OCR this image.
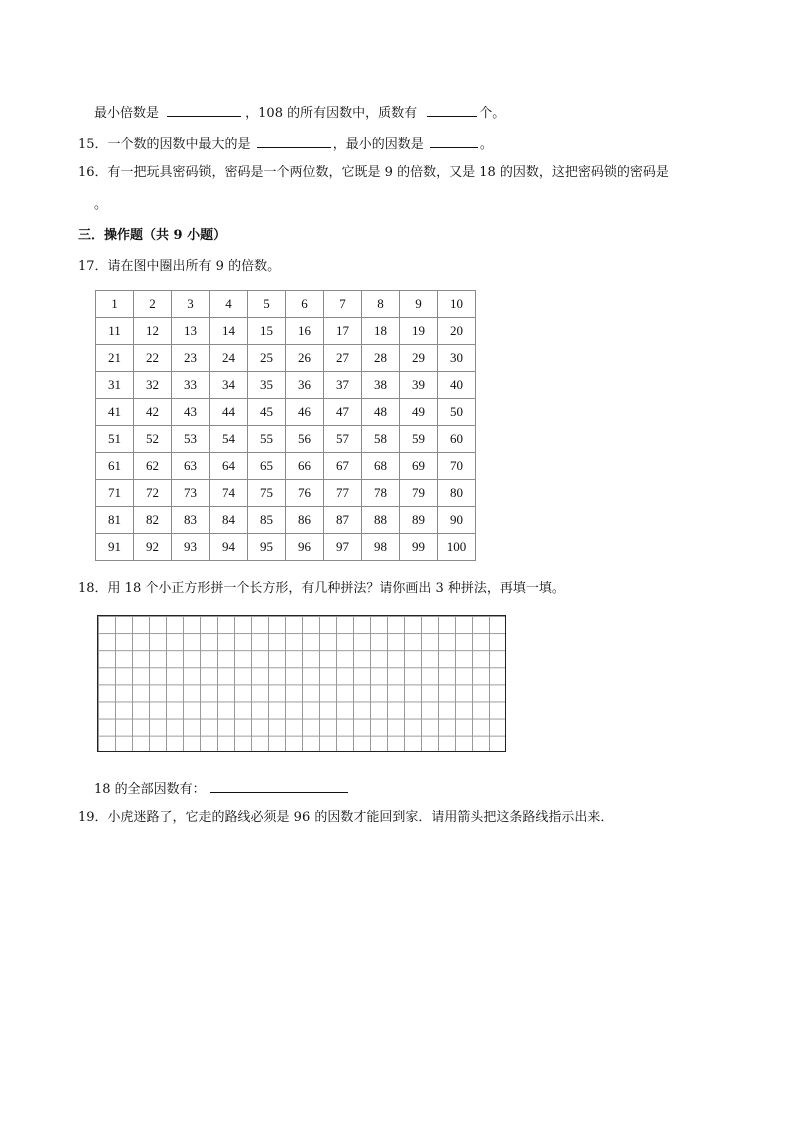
最小倍数是	，108 的所有因数中，质数有	个。
15．一个数的因数中最大的是	，最小的因数是	。
16．有一把玩具密码锁，密码是一个两位数，它既是 9 的倍数，又是 18 的因数，这把密码锁的密码是
。
三．操作题（共 9 小题）
17．请在图中圈出所有 9 的倍数。
1	2	3	4	5	6	7	8	9	10
11	12	13	14	15	16	17	18	19	20
21	22	23	24	25	26	27	28	29	30
31	32	33	34	35	36	37	38	39	40
41	42	43	44	45	46	47	48	49	50
51	52	53	54	55	56	57	58	59	60
61	62	63	64	65	66	67	68	69	70
71	72	73	74	75	76	77	78	79	80
81	82	83	84	85	86	87	88	89	90
91	92	93	94	95	96	97	98	99	100
18．用 18 个小正方形拼一个长方形，有几种拼法？请你画出 3 种拼法，再填一填。
18 的全部因数有：
19．小虎迷路了，它走的路线必须是 96 的因数才能回到家．请用箭头把这条路线指示出来．
